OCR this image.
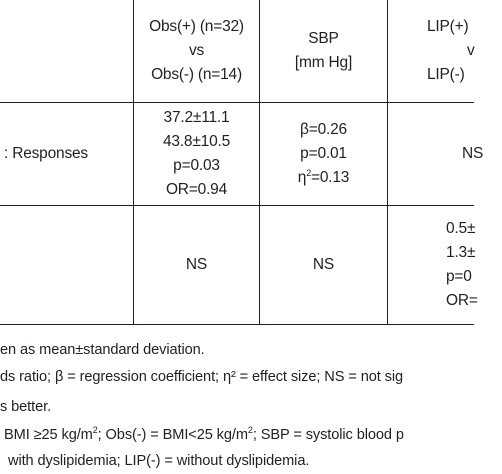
Obs(+) (n=32)
vs
Obs(-) (n=14)
SBP
[mm Hg]
LIP(+)
v
LIP(-)
: Responses
37.2±11.1
43.8±10.5
p=0.03
OR=0.94
β=0.26
p=0.01
$\eta^2=0.13$
NS
NS	NS
0.5±
1.3±
p=0
OR=
en as mean±standard deviation.
ds ratio; β = regression coefficient; η² = effect size; NS = not sig
s better.
BMI ≥25 $kg/m^2$; Obs(-) = BMI<25 $kg/m^2$; SBP = systolic blood p
with dyslipidemia; LIP(-) = without dyslipidemia.
